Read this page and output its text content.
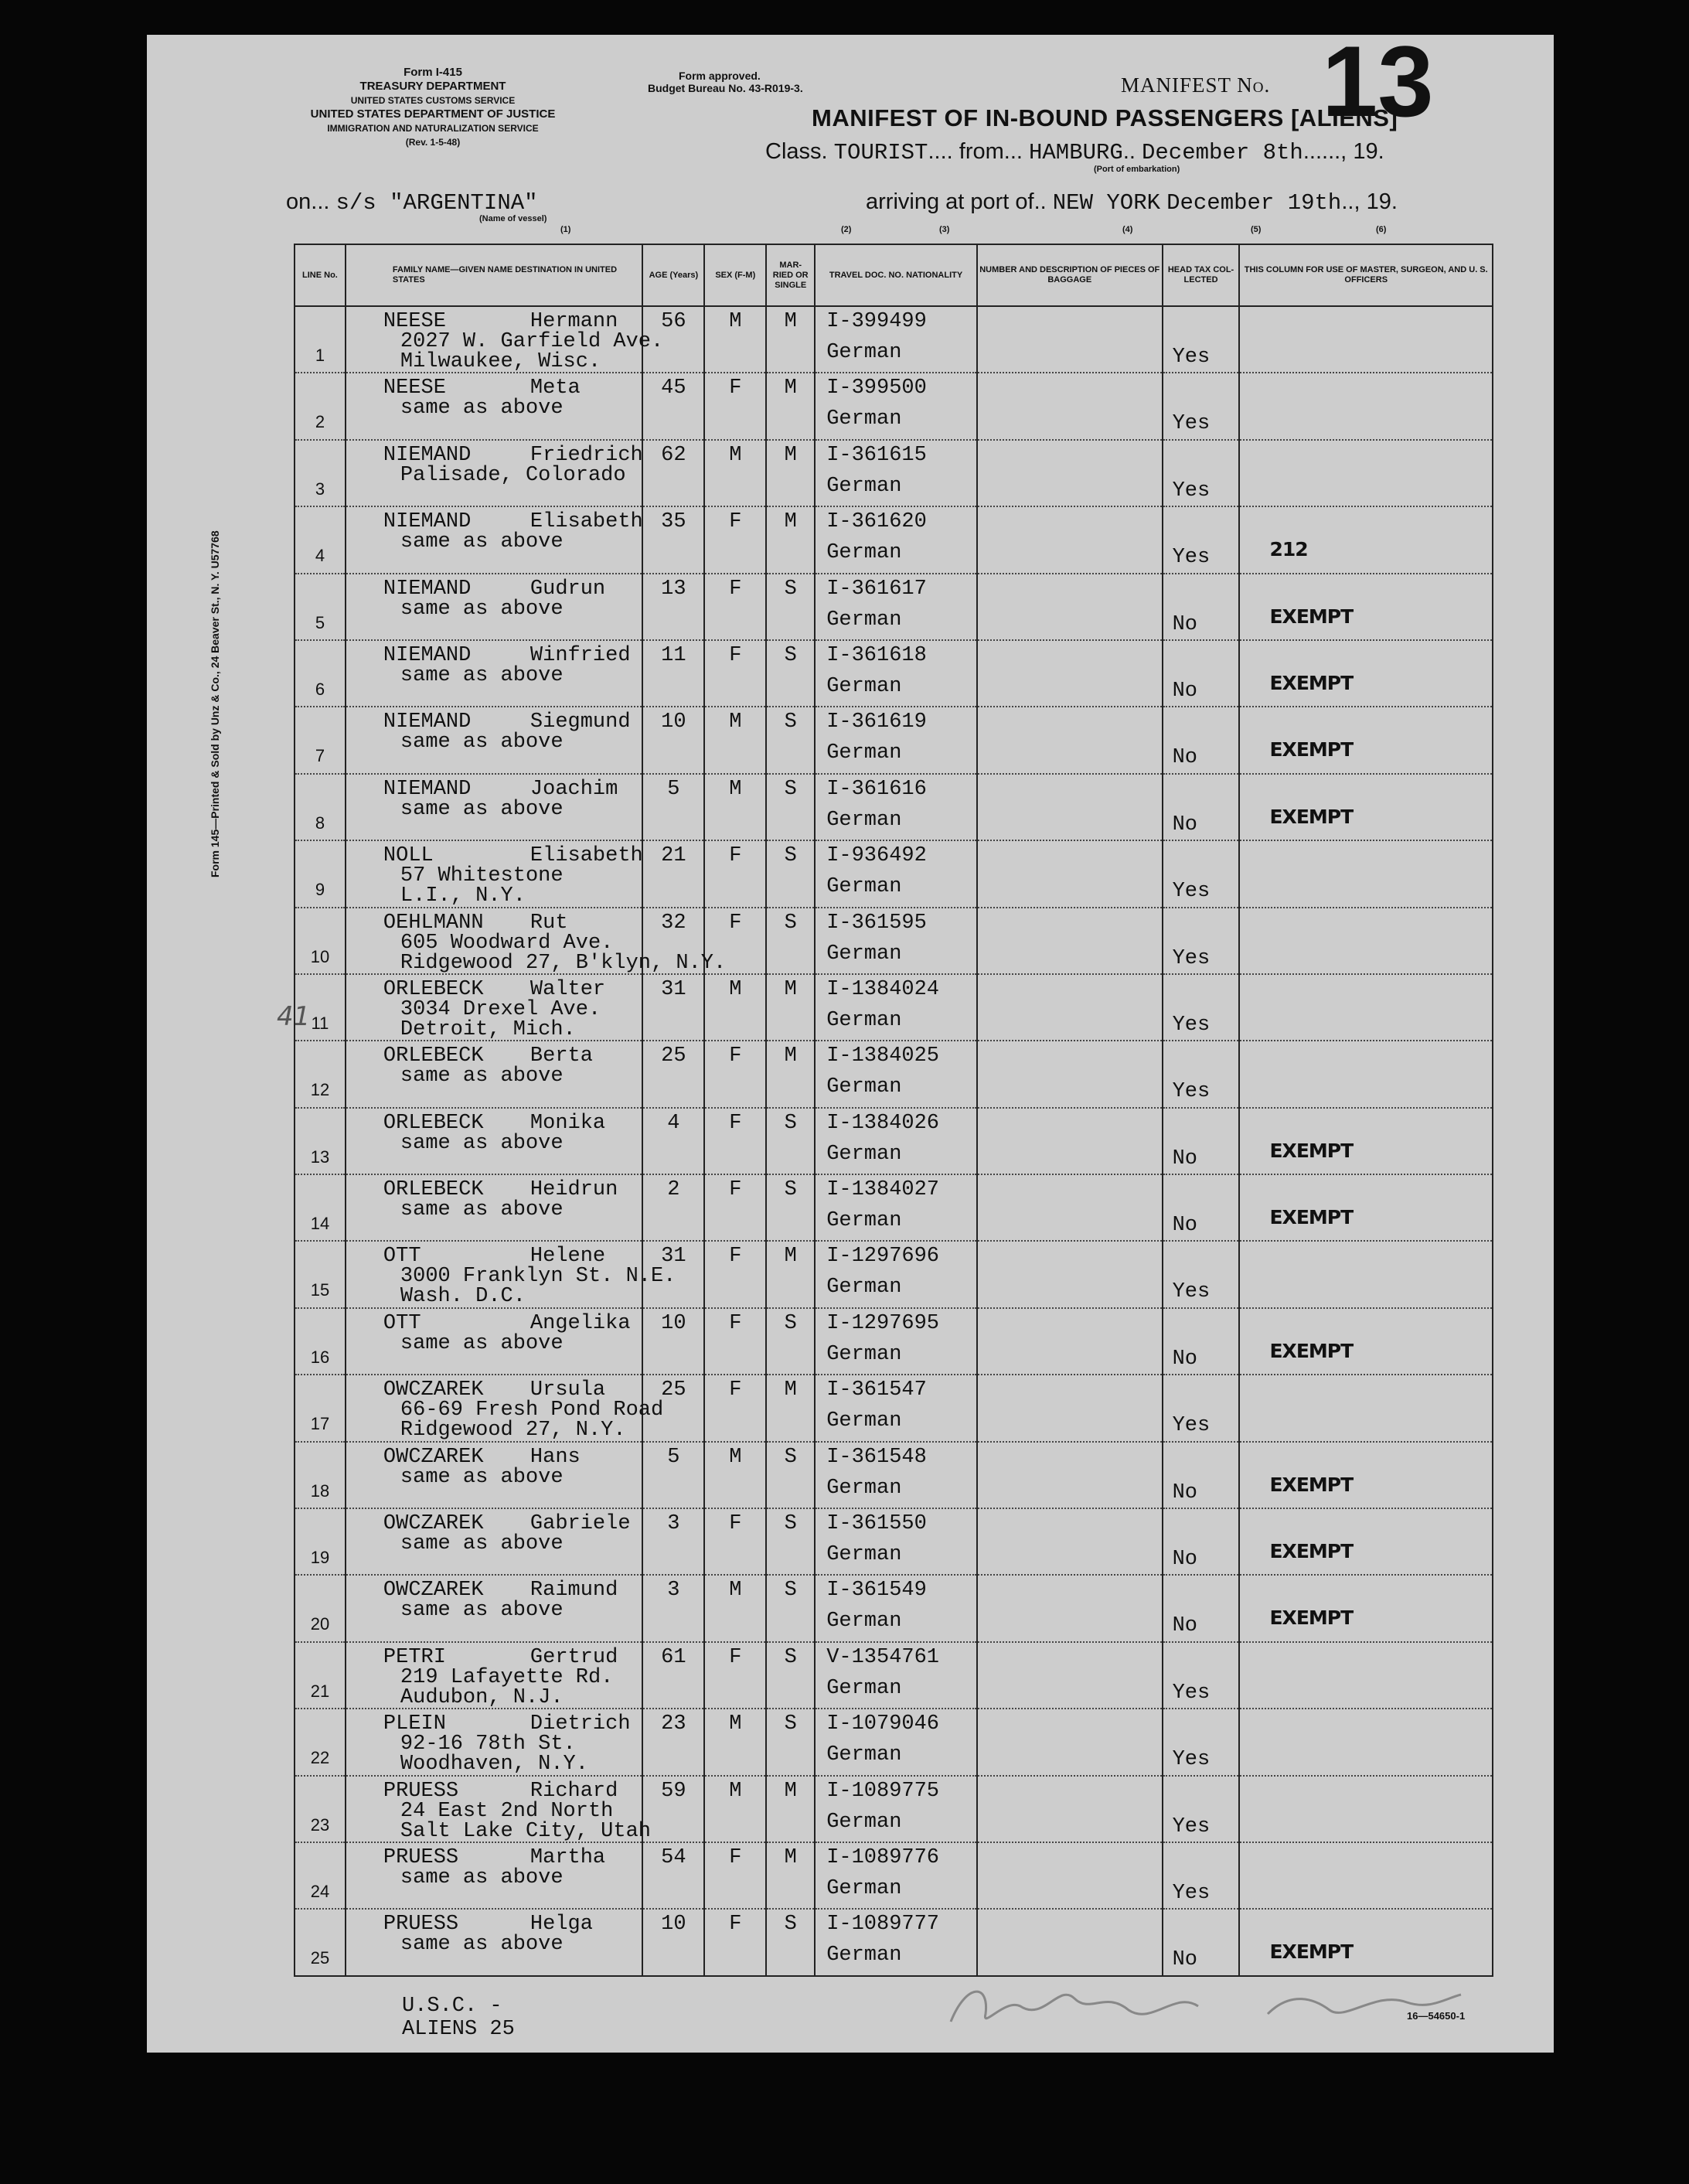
Form I-415
TREASURY DEPARTMENT
UNITED STATES CUSTOMS SERVICE
UNITED STATES DEPARTMENT OF JUSTICE
IMMIGRATION AND NATURALIZATION SERVICE
(Rev. 1-5-48)
Form approved.
Budget Bureau No. 43-R019-3.	MANIFEST No. 13
MANIFEST OF IN-BOUND PASSENGERS [ALIENS]
Class. TOURIST.... from... HAMBURG.. December 8th......, 19.
(Port of embarkation)
on... s/s "ARGENTINA"
(Name of vessel)
(1)
arriving at port of.. NEW YORK December 19th.., 19.
(2)	(3)	(4)	(5)	(6)
Form 145—Printed & Sold by Unz & Co., 24 Beaver St., N. Y. U57768
41
LINE No.	FAMILY NAME—GIVEN NAME DESTINATION IN UNITED STATES	AGE (Years)	SEX (F-M)	MAR- RIED OR SINGLE	TRAVEL DOC. NO. NATIONALITY	NUMBER AND DESCRIPTION OF PIECES OF BAGGAGE	HEAD TAX COL- LECTED	THIS COLUMN FOR USE OF MASTER, SURGEON, AND U. S. OFFICERS

1	NEESE Hermann
2027 W. Garfield Ave.
Milwaukee, Wisc.	56	M	M	I-399499
German		Yes	

2	NEESE Meta
same as above	45	F	M	I-399500
German		Yes	

3	NIEMAND Friedrich
Palisade, Colorado	62	M	M	I-361615
German		Yes	

4	NIEMAND Elisabeth
same as above	35	F	M	I-361620
German		Yes	212

5	NIEMAND Gudrun
same as above	13	F	S	I-361617
German		No	EXEMPT

6	NIEMAND Winfried
same as above	11	F	S	I-361618
German		No	EXEMPT

7	NIEMAND Siegmund
same as above	10	M	S	I-361619
German		No	EXEMPT

8	NIEMAND Joachim
same as above	5	M	S	I-361616
German		No	EXEMPT

9	NOLL Elisabeth
57 Whitestone
L.I., N.Y.	21	F	S	I-936492
German		Yes	

10	OEHLMANN Rut
605 Woodward Ave.
Ridgewood 27, B'klyn, N.Y.	32	F	S	I-361595
German		Yes	

11	ORLEBECK Walter
3034 Drexel Ave.
Detroit, Mich.	31	M	M	I-1384024
German		Yes	

12	ORLEBECK Berta
same as above	25	F	M	I-1384025
German		Yes	

13	ORLEBECK Monika
same as above	4	F	S	I-1384026
German		No	EXEMPT

14	ORLEBECK Heidrun
same as above	2	F	S	I-1384027
German		No	EXEMPT

15	OTT Helene
3000 Franklyn St. N.E.
Wash. D.C.	31	F	M	I-1297696
German		Yes	

16	OTT Angelika
same as above	10	F	S	I-1297695
German		No	EXEMPT

17	OWCZAREK Ursula
66-69 Fresh Pond Road
Ridgewood 27, N.Y.	25	F	M	I-361547
German		Yes	

18	OWCZAREK Hans
same as above	5	M	S	I-361548
German		No	EXEMPT

19	OWCZAREK Gabriele
same as above	3	F	S	I-361550
German		No	EXEMPT

20	OWCZAREK Raimund
same as above	3	M	S	I-361549
German		No	EXEMPT

21	PETRI Gertrud
219 Lafayette Rd.
Audubon, N.J.	61	F	S	V-1354761
German		Yes	

22	PLEIN Dietrich
92-16 78th St.
Woodhaven, N.Y.	23	M	S	I-1079046
German		Yes	

23	PRUESS Richard
24 East 2nd North
Salt Lake City, Utah	59	M	M	I-1089775
German		Yes	

24	PRUESS Martha
same as above	54	F	M	I-1089776
German		Yes	

25	PRUESS Helga
same as above	10	F	S	I-1089777
German		No	EXEMPT
U.S.C. -
ALIENS 25
16—54650-1
